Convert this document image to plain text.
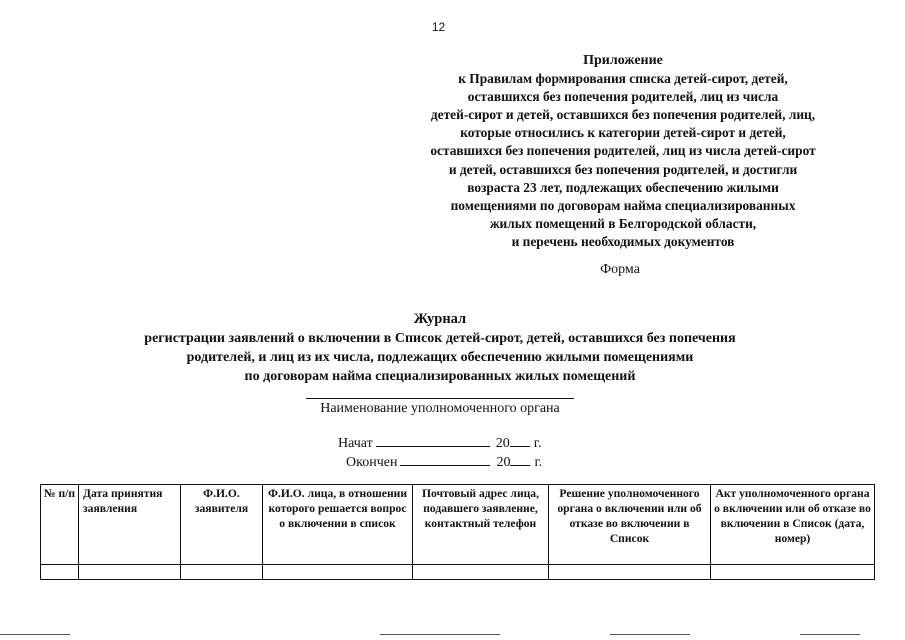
12
Приложение
к Правилам формирования списка детей-сирот, детей,
оставшихся без попечения родителей, лиц из числа
детей-сирот и детей, оставшихся без попечения родителей, лиц,
которые относились к категории детей-сирот и детей,
оставшихся без попечения родителей, лиц из числа детей-сирот
и детей, оставшихся без попечения родителей, и достигли
возраста 23 лет, подлежащих обеспечению жилыми
помещениями по договорам найма специализированных
жилых помещений в Белгородской области,
и перечень необходимых документов
Форма
Журнал
регистрации заявлений о включении в Список детей-сирот, детей, оставшихся без попечения
родителей, и лиц из их числа, подлежащих обеспечению жилыми помещениями
по договорам найма специализированных жилых помещений
Наименование уполномоченного органа
Начат	20 г.
Окончен	20 г.
№ п/п	Дата принятия заявления	Ф.И.О. заявителя	Ф.И.О. лица, в отношении которого решается вопрос о включении в список	Почтовый адрес лица, подавшего заявление, контактный телефон	Решение уполномоченного органа о включении или об отказе во включении в Список	Акт уполномоченного органа о включении или об отказе во включении в Список (дата, номер)
